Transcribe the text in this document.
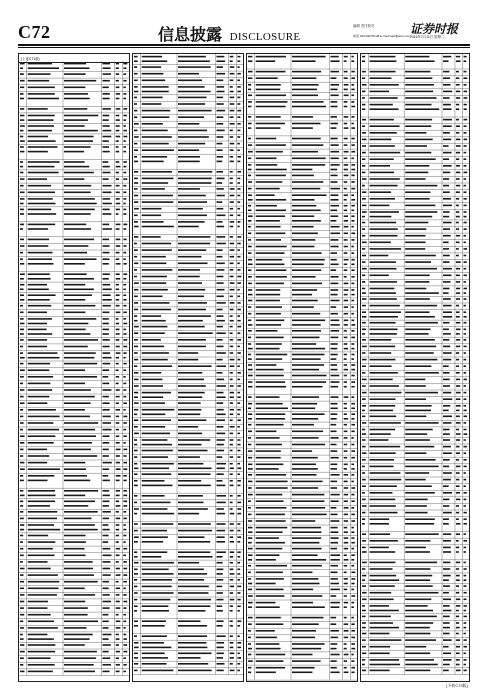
C72	信息披露 DISCLOSURE
编辑 责任校对
电话 010-63070148 E-mail:zqsb@stcn.com 证券时报
2016年7月11日 星期二
(上接C71版)
(下转C73版)
